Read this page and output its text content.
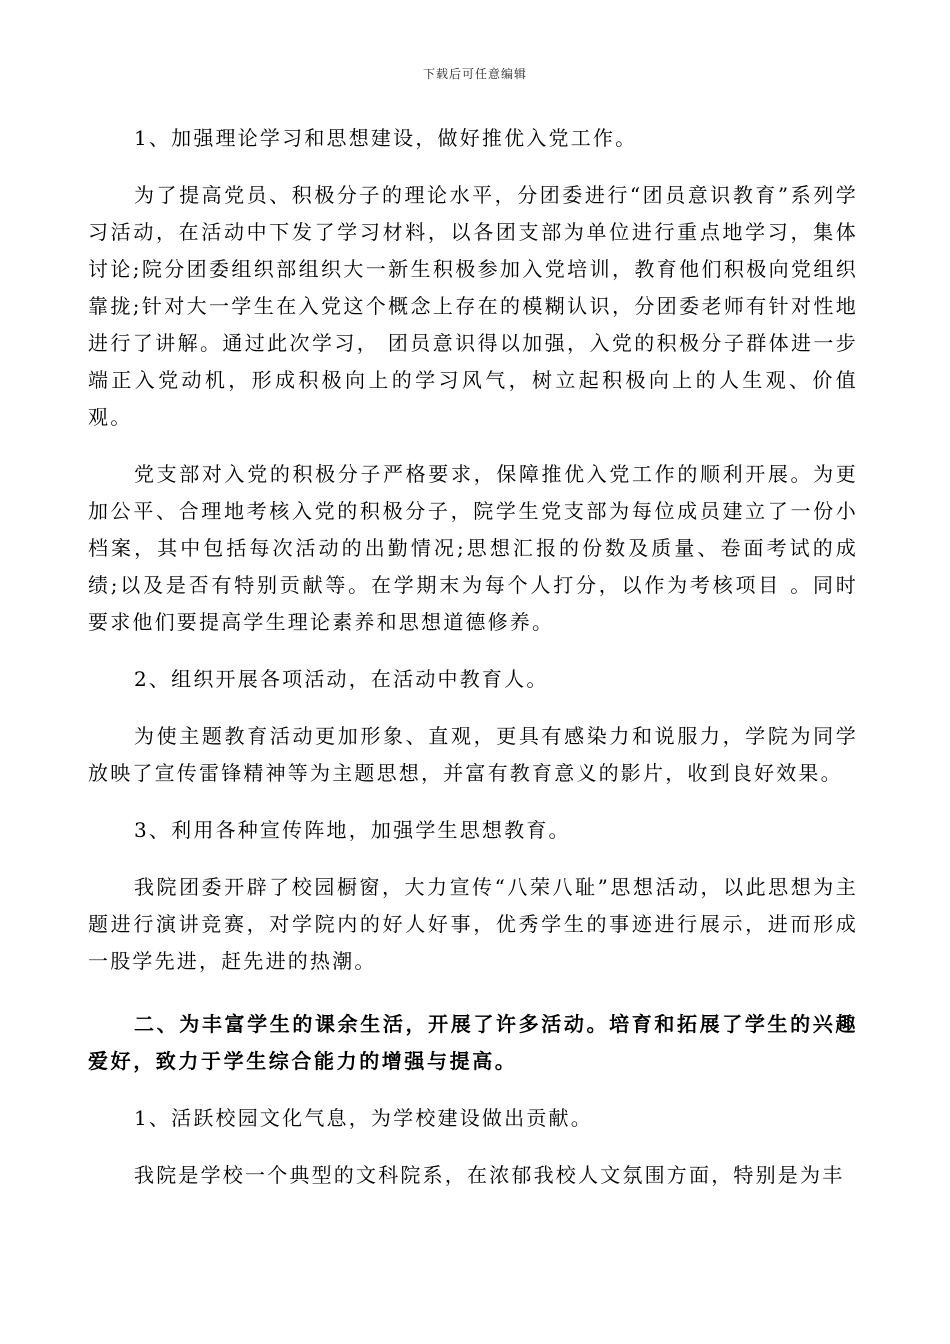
下载后可任意编辑

1、加强理论学习和思想建设，做好推优入党工作。

为了提高党员、积极分子的理论水平，分团委进行“团员意识教育”系列学习活动，在活动中下发了学习材料，以各团支部为单位进行重点地学习，集体讨论;院分团委组织部组织大一新生积极参加入党培训，教育他们积极向党组织靠拢;针对大一学生在入党这个概念上存在的模糊认识，分团委老师有针对性地进行了讲解。通过此次学习， 团员意识得以加强，入党的积极分子群体进一步端正入党动机，形成积极向上的学习风气，树立起积极向上的人生观、价值观。

党支部对入党的积极分子严格要求，保障推优入党工作的顺利开展。为更加公平、合理地考核入党的积极分子，院学生党支部为每位成员建立了一份小档案，其中包括每次活动的出勤情况;思想汇报的份数及质量、卷面考试的成绩;以及是否有特别贡献等。在学期末为每个人打分，以作为考核项目 。同时要求他们要提高学生理论素养和思想道德修养。

2、组织开展各项活动，在活动中教育人。

为使主题教育活动更加形象、直观，更具有感染力和说服力，学院为同学放映了宣传雷锋精神等为主题思想，并富有教育意义的影片，收到良好效果。

3、利用各种宣传阵地，加强学生思想教育。

我院团委开辟了校园橱窗，大力宣传“八荣八耻”思想活动，以此思想为主题进行演讲竞赛，对学院内的好人好事，优秀学生的事迹进行展示，进而形成一股学先进，赶先进的热潮。

二、为丰富学生的课余生活，开展了许多活动。培育和拓展了学生的兴趣爱好，致力于学生综合能力的增强与提高。

1、活跃校园文化气息，为学校建设做出贡献。

我院是学校一个典型的文科院系，在浓郁我校人文氛围方面，特别是为丰
